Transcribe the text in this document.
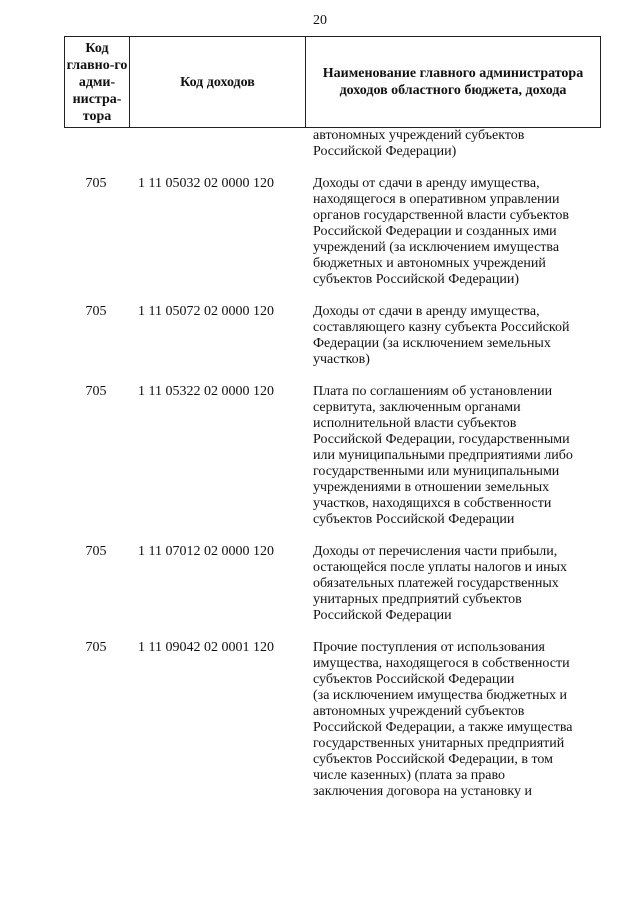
20
Код главно-го адми-нистра-тора	Код доходов	Наименование главного администратора доходов областного бюджета, дохода
автономных учреждений субъектов
Российской Федерации)
705	1 11 05032 02 0000 120	Доходы от сдачи в аренду имущества,
находящегося в оперативном управлении
органов государственной власти субъектов
Российской Федерации и созданных ими
учреждений (за исключением имущества
бюджетных и автономных учреждений
субъектов Российской Федерации)
705	1 11 05072 02 0000 120	Доходы от сдачи в аренду имущества,
составляющего казну субъекта Российской
Федерации (за исключением земельных
участков)
705	1 11 05322 02 0000 120	Плата по соглашениям об установлении
сервитута, заключенным органами
исполнительной власти субъектов
Российской Федерации, государственными
или муниципальными предприятиями либо
государственными или муниципальными
учреждениями в отношении земельных
участков, находящихся в собственности
субъектов Российской Федерации
705	1 11 07012 02 0000 120	Доходы от перечисления части прибыли,
остающейся после уплаты налогов и иных
обязательных платежей государственных
унитарных предприятий субъектов
Российской Федерации
705	1 11 09042 02 0001 120	Прочие поступления от использования
имущества, находящегося в собственности
субъектов Российской Федерации
(за исключением имущества бюджетных и
автономных учреждений субъектов
Российской Федерации, а также имущества
государственных унитарных предприятий
субъектов Российской Федерации, в том
числе казенных) (плата за право
заключения договора на установку и
